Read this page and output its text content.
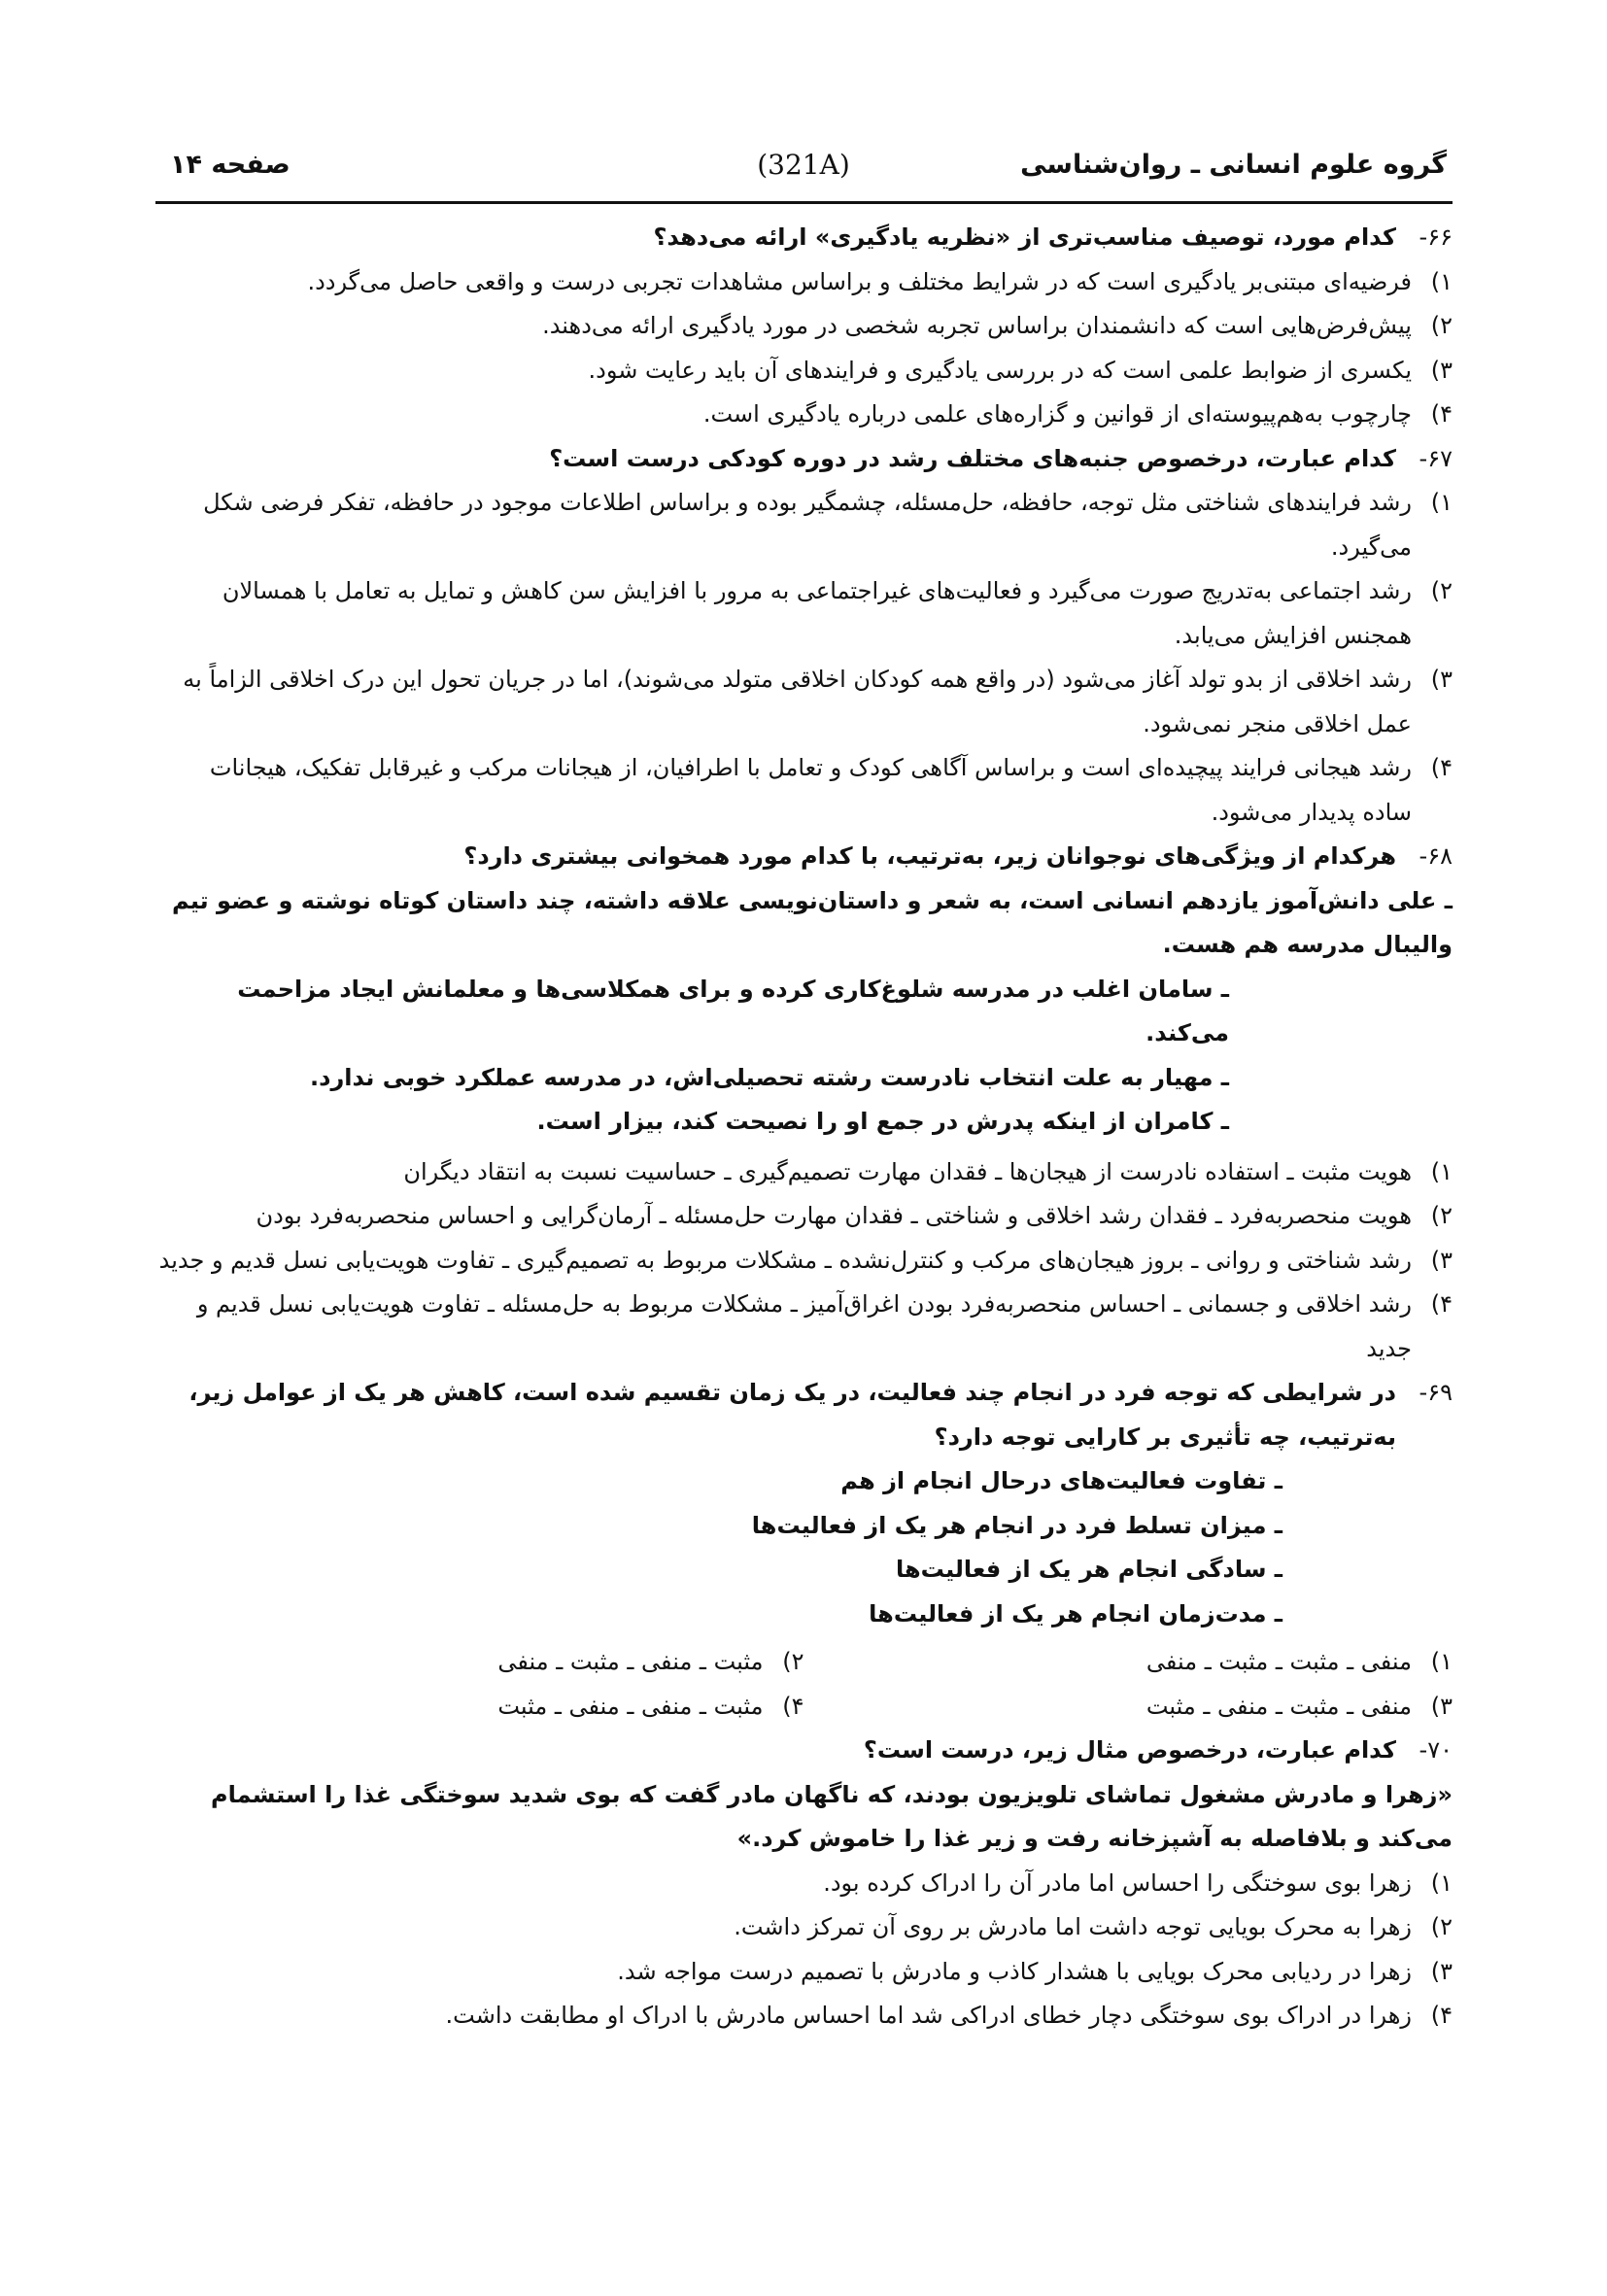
گروه علوم انسانی ـ روان‌شناسی
(321A)
صفحه ۱۴
۶۶-
کدام مورد، توصیف مناسب‌تری از «نظریه یادگیری» ارائه می‌دهد؟
۱)
فرضیه‌ای مبتنی‌بر یادگیری است که در شرایط مختلف و براساس مشاهدات تجربی درست و واقعی حاصل می‌گردد.
۲)
پیش‌فرض‌هایی است که دانشمندان براساس تجربه شخصی در مورد یادگیری ارائه می‌دهند.
۳)
یکسری از ضوابط علمی است که در بررسی یادگیری و فرایندهای آن باید رعایت شود.
۴)
چارچوب به‌هم‌پیوسته‌ای از قوانین و گزاره‌های علمی درباره یادگیری است.
۶۷-
کدام عبارت، درخصوص جنبه‌های مختلف رشد در دوره کودکی درست است؟
۱)
رشد فرایندهای شناختی مثل توجه، حافظه، حل‌مسئله، چشمگیر بوده و براساس اطلاعات موجود در حافظه، تفکر فرضی شکل می‌گیرد.
۲)
رشد اجتماعی به‌تدریج صورت می‌گیرد و فعالیت‌های غیراجتماعی به مرور با افزایش سن کاهش و تمایل به تعامل با همسالان همجنس افزایش می‌یابد.
۳)
رشد اخلاقی از بدو تولد آغاز می‌شود (در واقع همه کودکان اخلاقی متولد می‌شوند)، اما در جریان تحول این درک اخلاقی الزاماً به عمل اخلاقی منجر نمی‌شود.
۴)
رشد هیجانی فرایند پیچیده‌ای است و براساس آگاهی کودک و تعامل با اطرافیان، از هیجانات مرکب و غیرقابل تفکیک، هیجانات ساده پدیدار می‌شود.
۶۸-
هرکدام از ویژگی‌های نوجوانان زیر، به‌ترتیب، با کدام مورد همخوانی بیشتری دارد؟
ـ علی دانش‌آموز یازدهم انسانی است، به شعر و داستان‌نویسی علاقه داشته، چند داستان کوتاه نوشته و عضو تیم والیبال مدرسه هم هست.
ـ سامان اغلب در مدرسه شلوغ‌کاری کرده و برای همکلاسی‌ها و معلمانش ایجاد مزاحمت می‌کند.
ـ مهیار به علت انتخاب نادرست رشته تحصیلی‌اش، در مدرسه عملکرد خوبی ندارد.
ـ کامران از اینکه پدرش در جمع او را نصیحت کند، بیزار است.
۱)
هویت مثبت ـ استفاده نادرست از هیجان‌ها ـ فقدان مهارت تصمیم‌گیری ـ حساسیت نسبت به انتقاد دیگران
۲)
هویت منحصربه‌فرد ـ فقدان رشد اخلاقی و شناختی ـ فقدان مهارت حل‌مسئله ـ آرمان‌گرایی و احساس منحصربه‌فرد بودن
۳)
رشد شناختی و روانی ـ بروز هیجان‌های مرکب و کنترل‌نشده ـ مشکلات مربوط به تصمیم‌گیری ـ تفاوت هویت‌یابی نسل قدیم و جدید
۴)
رشد اخلاقی و جسمانی ـ احساس منحصربه‌فرد بودن اغراق‌آمیز ـ مشکلات مربوط به حل‌مسئله ـ تفاوت هویت‌یابی نسل قدیم و جدید
۶۹-
در شرایطی که توجه فرد در انجام چند فعالیت، در یک زمان تقسیم شده است، کاهش هر یک از عوامل زیر، به‌ترتیب، چه تأثیری بر کارایی توجه دارد؟
ـ تفاوت فعالیت‌های درحال انجام از هم
ـ میزان تسلط فرد در انجام هر یک از فعالیت‌ها
ـ سادگی انجام هر یک از فعالیت‌ها
ـ مدت‌زمان انجام هر یک از فعالیت‌ها
۱)
منفی ـ مثبت ـ مثبت ـ منفی
۲)
مثبت ـ منفی ـ مثبت ـ منفی
۳)
منفی ـ مثبت ـ منفی ـ مثبت
۴)
مثبت ـ منفی ـ منفی ـ مثبت
۷۰-
کدام عبارت، درخصوص مثال زیر، درست است؟
«زهرا و مادرش مشغول تماشای تلویزیون بودند، که ناگهان مادر گفت که بوی شدید سوختگی غذا را استشمام می‌کند و بلافاصله به آشپزخانه رفت و زیر غذا را خاموش کرد.»
۱)
زهرا بوی سوختگی را احساس اما مادر آن را ادراک کرده بود.
۲)
زهرا به محرک بویایی توجه داشت اما مادرش بر روی آن تمرکز داشت.
۳)
زهرا در ردیابی محرک بویایی با هشدار کاذب و مادرش با تصمیم درست مواجه شد.
۴)
زهرا در ادراک بوی سوختگی دچار خطای ادراکی شد اما احساس مادرش با ادراک او مطابقت داشت.
